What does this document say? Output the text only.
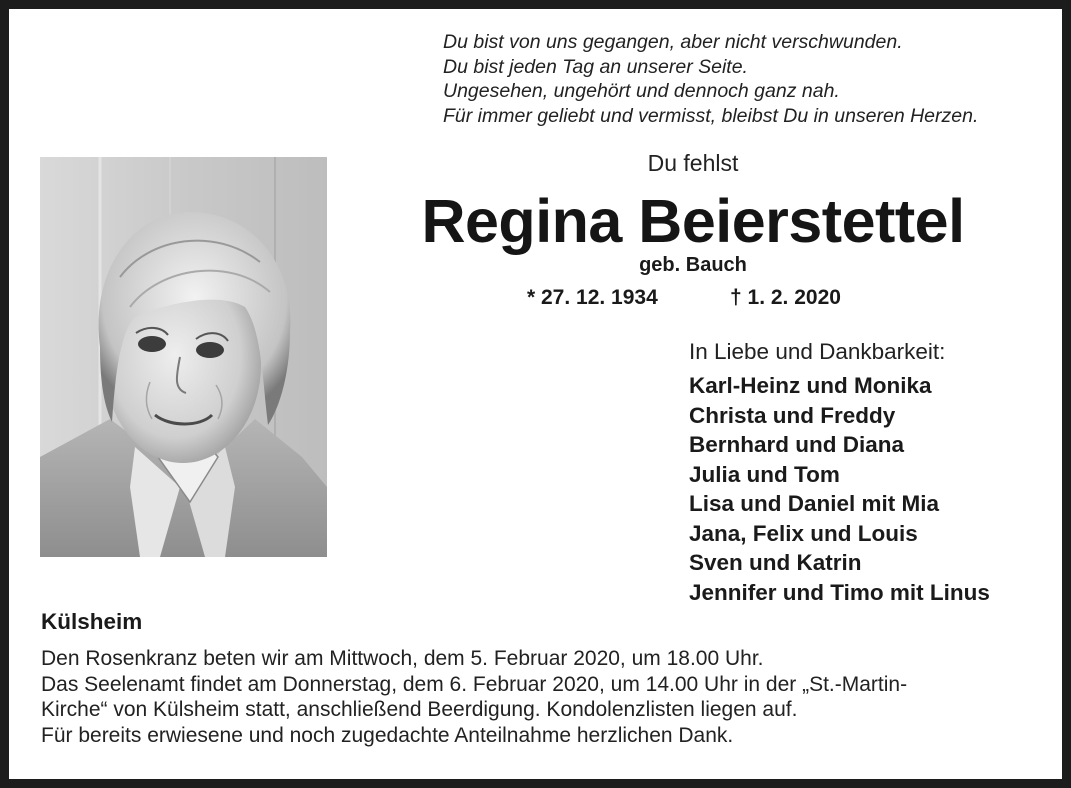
Du bist von uns gegangen, aber nicht verschwunden.
Du bist jeden Tag an unserer Seite.
Ungesehen, ungehört und dennoch ganz nah.
Für immer geliebt und vermisst, bleibst Du in unseren Herzen.
Du fehlst
Regina Beierstettel
geb. Bauch
* 27. 12. 1934	† 1. 2. 2020
In Liebe und Dankbarkeit:
Karl-Heinz und Monika
Christa und Freddy
Bernhard und Diana
Julia und Tom
Lisa und Daniel mit Mia
Jana, Felix und Louis
Sven und Katrin
Jennifer und Timo mit Linus
Külsheim
Den Rosenkranz beten wir am Mittwoch, dem 5. Februar 2020, um 18.00 Uhr.
Das Seelenamt findet am Donnerstag, dem 6. Februar 2020, um 14.00 Uhr in der „St.-Martin-
Kirche“ von Külsheim statt, anschließend Beerdigung. Kondolenzlisten liegen auf.
Für bereits erwiesene und noch zugedachte Anteilnahme herzlichen Dank.
